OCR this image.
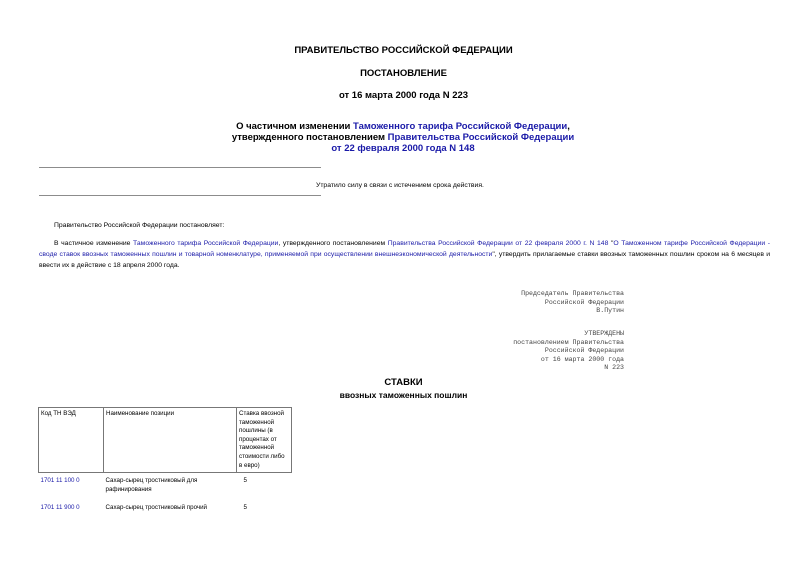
ПРАВИТЕЛЬСТВО РОССИЙСКОЙ ФЕДЕРАЦИИ
ПОСТАНОВЛЕНИЕ
от 16 марта 2000 года N 223
О частичном изменении Таможенного тарифа Российской Федерации, утвержденного постановлением Правительства Российской Федерации от 22 февраля 2000 года N 148
Утратило силу в связи с истечением срока действия.
Правительство Российской Федерации постановляет:
В частичное изменение Таможенного тарифа Российской Федерации, утвержденного постановлением Правительства Российской Федерации от 22 февраля 2000 г. N 148 "О Таможенном тарифе Российской Федерации - своде ставок ввозных таможенных пошлин и товарной номенклатуре, применяемой при осуществлении внешнеэкономической деятельности", утвердить прилагаемые ставки ввозных таможенных пошлин сроком на 6 месяцев и ввести их в действие с 18 апреля 2000 года.
Председатель Правительства
Российской Федерации
В.Путин
УТВЕРЖДЕНЫ
постановлением Правительства
Российской Федерации
от 16 марта 2000 года
N 223
СТАВКИ
ввозных таможенных пошлин
Код ТН ВЭД	Наименование позиции	Ставка ввозной таможенной пошлины (в процентах от таможенной стоимости либо в евро)
1701 11 100 0	Сахар-сырец тростниковый для рафинирования	5
1701 11 900 0	Сахар-сырец тростниковый прочий	5
